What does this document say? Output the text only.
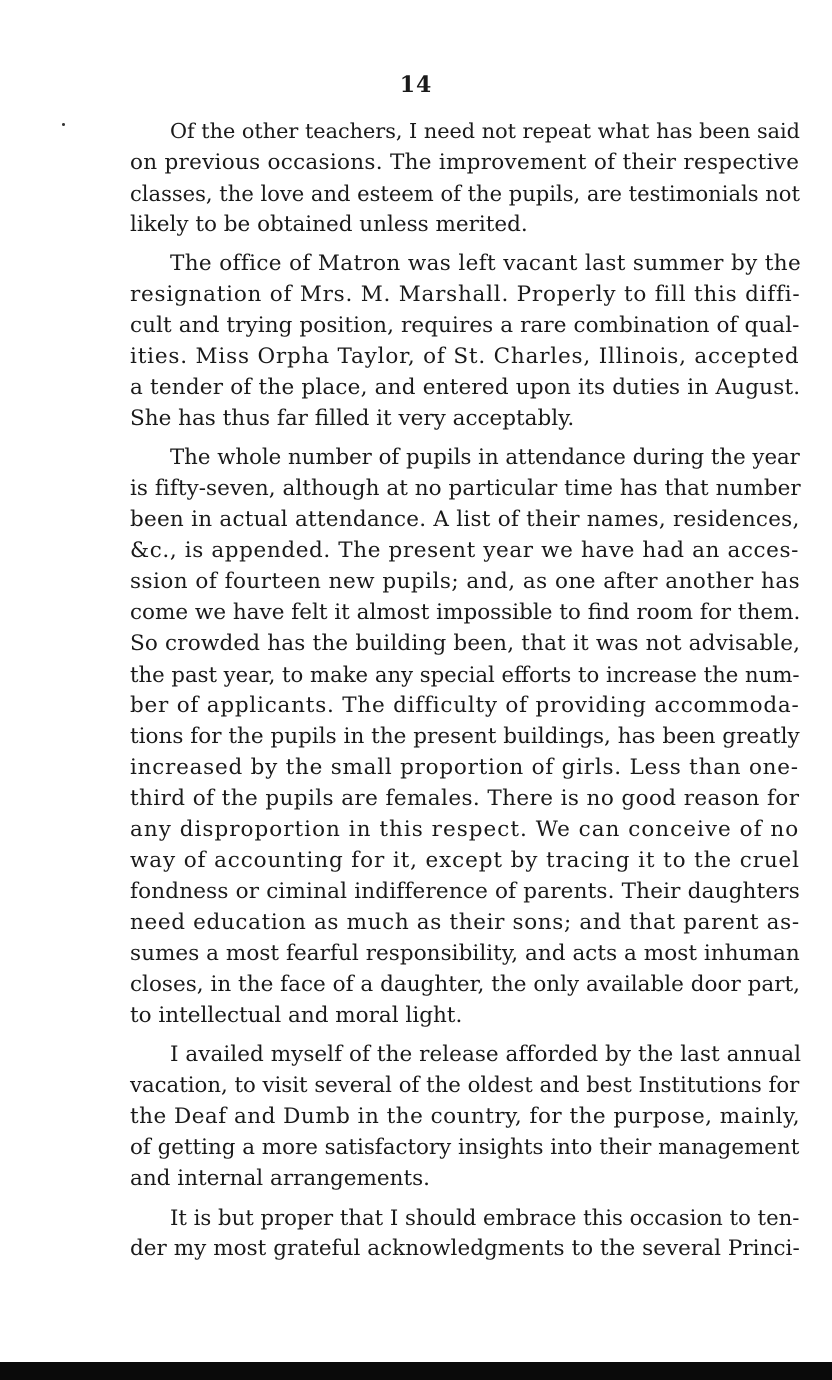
14
Of the other teachers, I need not repeat what has been said
on previous occasions. The improvement of their respective
classes, the love and esteem of the pupils, are testimonials not
likely to be obtained unless merited.
The office of Matron was left vacant last summer by the
resignation of Mrs. M. Marshall. Properly to fill this diffi-
cult and trying position, requires a rare combination of qual-
ities. Miss Orpha Taylor, of St. Charles, Illinois, accepted
a tender of the place, and entered upon its duties in August.
She has thus far filled it very acceptably.
The whole number of pupils in attendance during the year
is fifty-seven, although at no particular time has that number
been in actual attendance. A list of their names, residences,
&c., is appended. The present year we have had an acces-
ssion of fourteen new pupils; and, as one after another has
come we have felt it almost impossible to find room for them.
So crowded has the building been, that it was not advisable,
the past year, to make any special efforts to increase the num-
ber of applicants. The difficulty of providing accommoda-
tions for the pupils in the present buildings, has been greatly
increased by the small proportion of girls. Less than one-
third of the pupils are females. There is no good reason for
any disproportion in this respect. We can conceive of no
way of accounting for it, except by tracing it to the cruel
fondness or ciminal indifference of parents. Their daughters
need education as much as their sons; and that parent as-
sumes a most fearful responsibility, and acts a most inhuman
closes, in the face of a daughter, the only available door part,
to intellectual and moral light.
I availed myself of the release afforded by the last annual
vacation, to visit several of the oldest and best Institutions for
the Deaf and Dumb in the country, for the purpose, mainly,
of getting a more satisfactory insights into their management
and internal arrangements.
It is but proper that I should embrace this occasion to ten-
der my most grateful acknowledgments to the several Princi-
